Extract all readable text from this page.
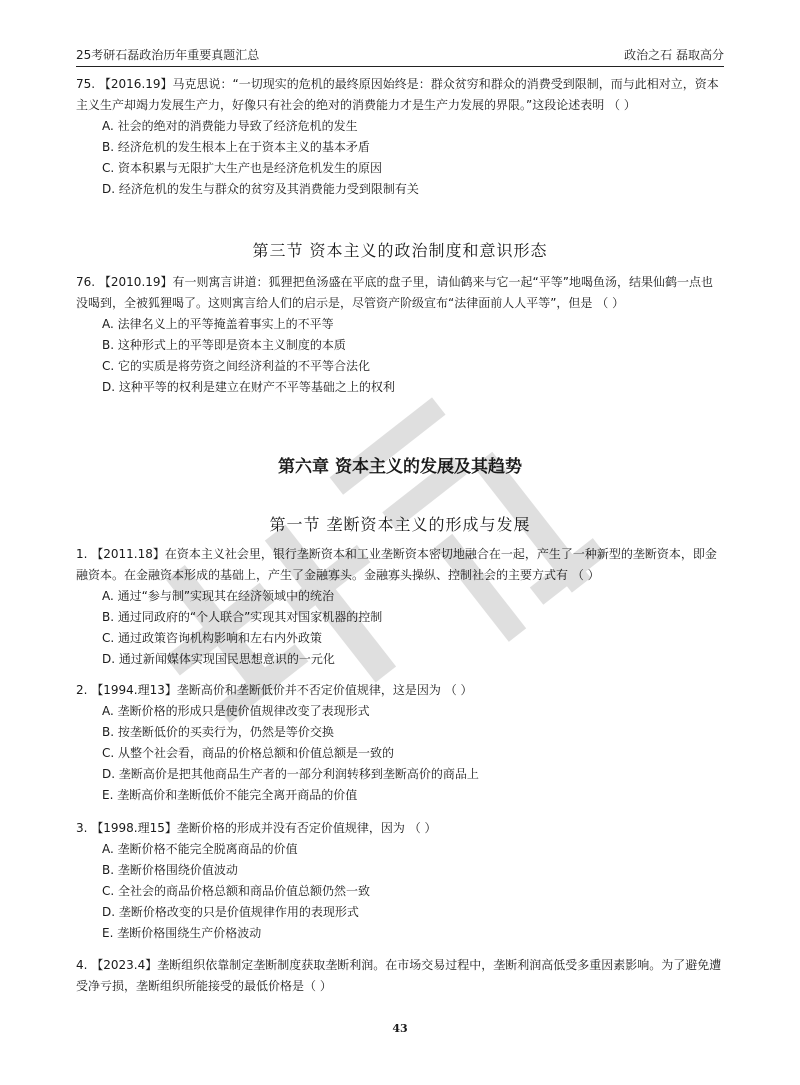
25考研石磊政治历年重要真题汇总	政治之石 磊取高分
75. 【2016.19】马克思说：“一切现实的危机的最终原因始终是：群众贫穷和群众的消费受到限制，而与此相对立，资本
主义生产却竭力发展生产力，好像只有社会的绝对的消费能力才是生产力发展的界限。”这段论述表明 （ ）
A. 社会的绝对的消费能力导致了经济危机的发生
B. 经济危机的发生根本上在于资本主义的基本矛盾
C. 资本积累与无限扩大生产也是经济危机发生的原因
D. 经济危机的发生与群众的贫穷及其消费能力受到限制有关
第三节 资本主义的政治制度和意识形态
76. 【2010.19】有一则寓言讲道：狐狸把鱼汤盛在平底的盘子里，请仙鹤来与它一起“平等”地喝鱼汤，结果仙鹤一点也
没喝到，全被狐狸喝了。这则寓言给人们的启示是，尽管资产阶级宣布“法律面前人人平等”，但是 （ ）
A. 法律名义上的平等掩盖着事实上的不平等
B. 这种形式上的平等即是资本主义制度的本质
C. 它的实质是将劳资之间经济利益的不平等合法化
D. 这种平等的权利是建立在财产不平等基础之上的权利
第六章 资本主义的发展及其趋势
第一节 垄断资本主义的形成与发展
1. 【2011.18】在资本主义社会里，银行垄断资本和工业垄断资本密切地融合在一起，产生了一种新型的垄断资本，即金
融资本。在金融资本形成的基础上，产生了金融寡头。金融寡头操纵、控制社会的主要方式有 （ ）
A. 通过“参与制”实现其在经济领域中的统治
B. 通过同政府的“个人联合”实现其对国家机器的控制
C. 通过政策咨询机构影响和左右内外政策
D. 通过新闻媒体实现国民思想意识的一元化
2. 【1994.理13】垄断高价和垄断低价并不否定价值规律，这是因为 （ ）
A. 垄断价格的形成只是使价值规律改变了表现形式
B. 按垄断低价的买卖行为，仍然是等价交换
C. 从整个社会看，商品的价格总额和价值总额是一致的
D. 垄断高价是把其他商品生产者的一部分利润转移到垄断高价的商品上
E. 垄断高价和垄断低价不能完全离开商品的价值
3. 【1998.理15】垄断价格的形成并没有否定价值规律，因为 （ ）
A. 垄断价格不能完全脱离商品的价值
B. 垄断价格围绕价值波动
C. 全社会的商品价格总额和商品价值总额仍然一致
D. 垄断价格改变的只是价值规律作用的表现形式
E. 垄断价格围绕生产价格波动
4. 【2023.4】垄断组织依靠制定垄断制度获取垄断利润。在市场交易过程中，垄断利润高低受多重因素影响。为了避免遭
受净亏损，垄断组织所能接受的最低价格是（ ）
43
